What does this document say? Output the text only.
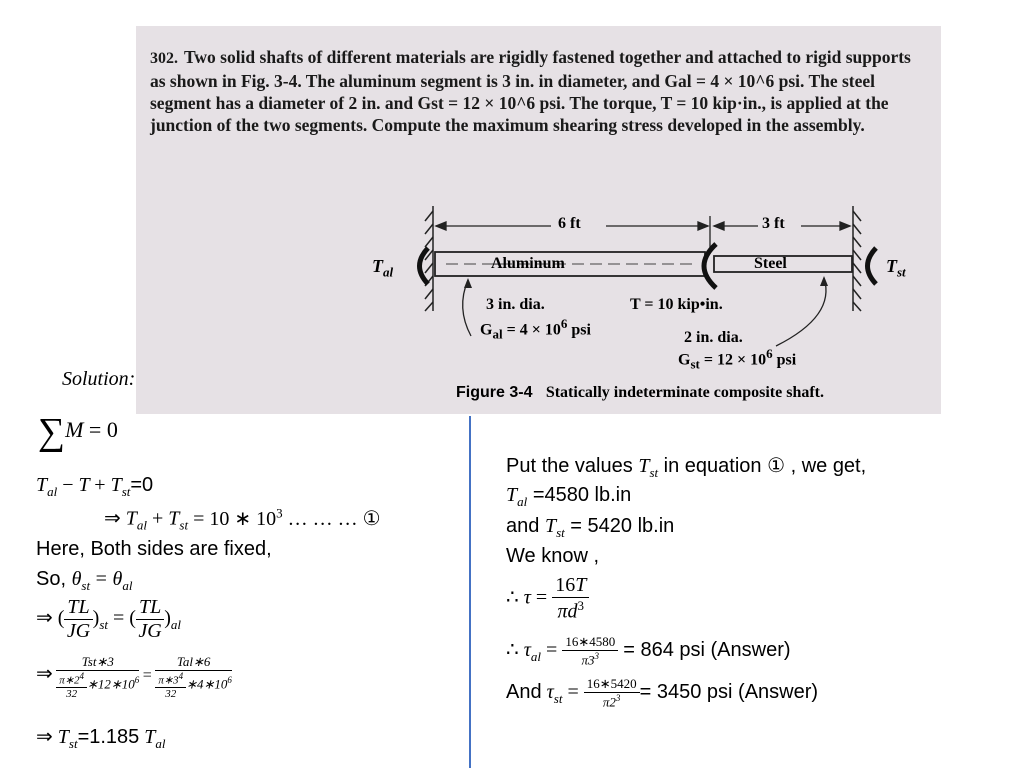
302. Two solid shafts of different materials are rigidly fastened together and attached to rigid supports as shown in Fig. 3-4. The aluminum segment is 3 in. in diameter, and Gal = 4 × 10^6 psi. The steel segment has a diameter of 2 in. and Gst = 12 × 10^6 psi. The torque, T = 10 kip·in., is applied at the junction of the two segments. Compute the maximum shearing stress developed in the assembly.
6 ft	3 ft
$T_{al}$	$T_{st}$
Aluminum	Steel
3 in. dia.
$G_{al} = 4 \times 10^6$ psi
T = 10 kip•in.
2 in. dia.
$G_{st} = 12 \times 10^6$ psi
Figure 3-4 Statically indeterminate composite shaft.
Solution:
∑M = 0
$T_{al} - T + T_{st}=0$
⇒ $T_{al} + T_{st} = 10$ ∗ $10^3$ … … … ①
Here, Both sides are fixed,
So, $\theta_{st} = \theta_{al}$
⇒ ( $\frac{TL}{JG} )_{st}$ = ( $\frac{TL}{JG} )_{al}$
⇒ $\frac{\text{Tst∗3}}{\frac{\pi∗2^4}{32} ∗12∗10^6} = \frac{\text{Tal∗6}}{\frac{\pi∗3^4}{32} ∗4∗10^6}$
⇒ $T_{st}=1.185$ $T_{al}$
Put the values $T_{st}$ in equation ① , we get,
$T_{al} =4580$ lb.in
and $T_{st} = 5420$ lb.in
We know ,
∴ $\tau = \frac{16T}{\pi d^3}$
∴ $\tau_{al} = \frac{16∗4580}{\pi 3^3} = 864$ psi (Answer)
And $\tau_{st} = \frac{16∗5420}{\pi 2^3} = 3450$ psi (Answer)
